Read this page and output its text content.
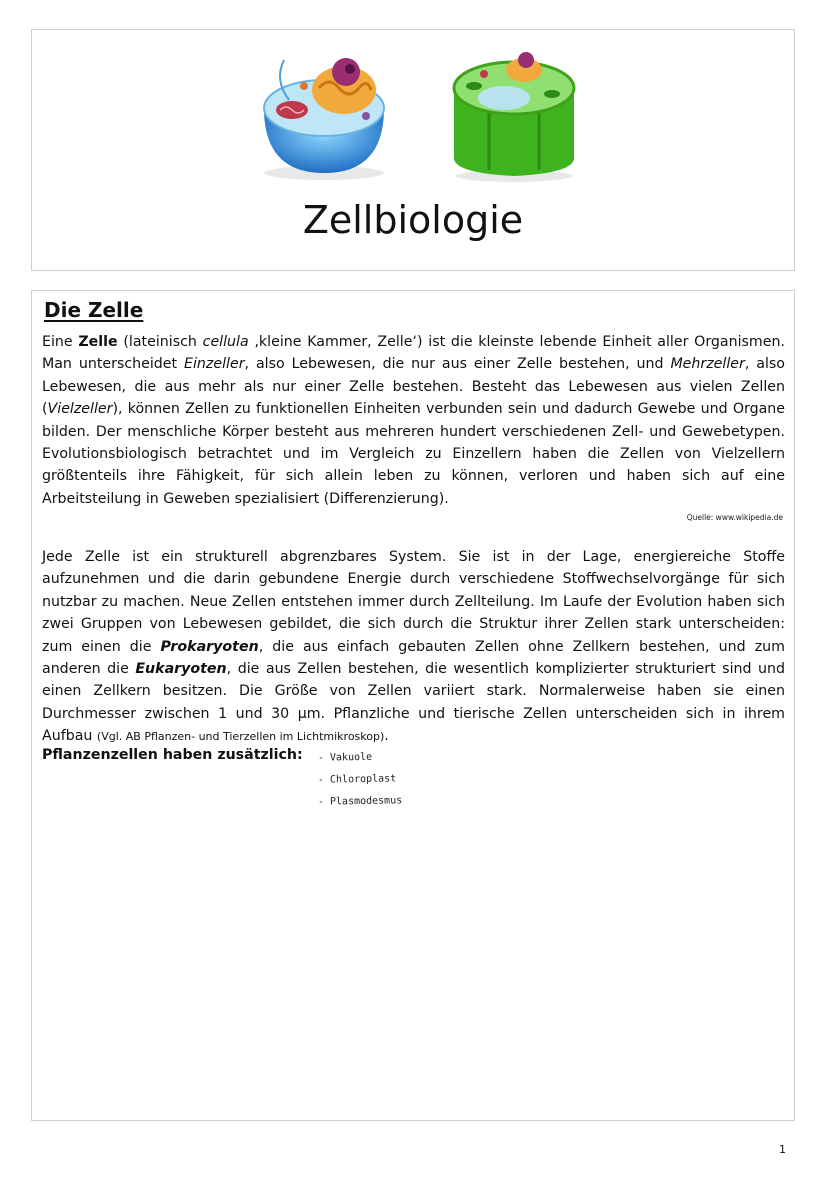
Zellbiologie
Die Zelle

Eine Zelle (lateinisch cellula ‚kleine Kammer, Zelle‘) ist die kleinste lebende Einheit aller Organismen. Man unterscheidet Einzeller, also Lebewesen, die nur aus einer Zelle bestehen, und Mehrzeller, also Lebewesen, die aus mehr als nur einer Zelle bestehen. Besteht das Lebewesen aus vielen Zellen (Vielzeller), können Zellen zu funktionellen Einheiten verbunden sein und dadurch Gewebe und Organe bilden. Der menschliche Körper besteht aus mehreren hundert verschiedenen Zell- und Gewebetypen. Evolutionsbiologisch betrachtet und im Vergleich zu Einzellern haben die Zellen von Vielzellern größtenteils ihre Fähigkeit, für sich allein leben zu können, verloren und haben sich auf eine Arbeitsteilung in Geweben spezialisiert (Differenzierung).

Quelle: www.wikipedia.de

Jede Zelle ist ein strukturell abgrenzbares System. Sie ist in der Lage, energiereiche Stoffe aufzunehmen und die darin gebundene Energie durch verschiedene Stoffwechselvorgänge für sich nutzbar zu machen. Neue Zellen entstehen immer durch Zellteilung. Im Laufe der Evolution haben sich zwei Gruppen von Lebewesen gebildet, die sich durch die Struktur ihrer Zellen stark unterscheiden: zum einen die Prokaryoten, die aus einfach gebauten Zellen ohne Zellkern bestehen, und zum anderen die Eukaryoten, die aus Zellen bestehen, die wesentlich komplizierter strukturiert sind und einen Zellkern besitzen. Die Größe von Zellen variiert stark. Normalerweise haben sie einen Durchmesser zwischen 1 und 30 µm. Pflanzliche und tierische Zellen unterscheiden sich in ihrem Aufbau (Vgl. AB Pflanzen- und Tierzellen im Lichtmikroskop).

Pflanzenzellen haben zusätzlich: - Vakuole
- Chloroplast
- Plasmodesmus
1
